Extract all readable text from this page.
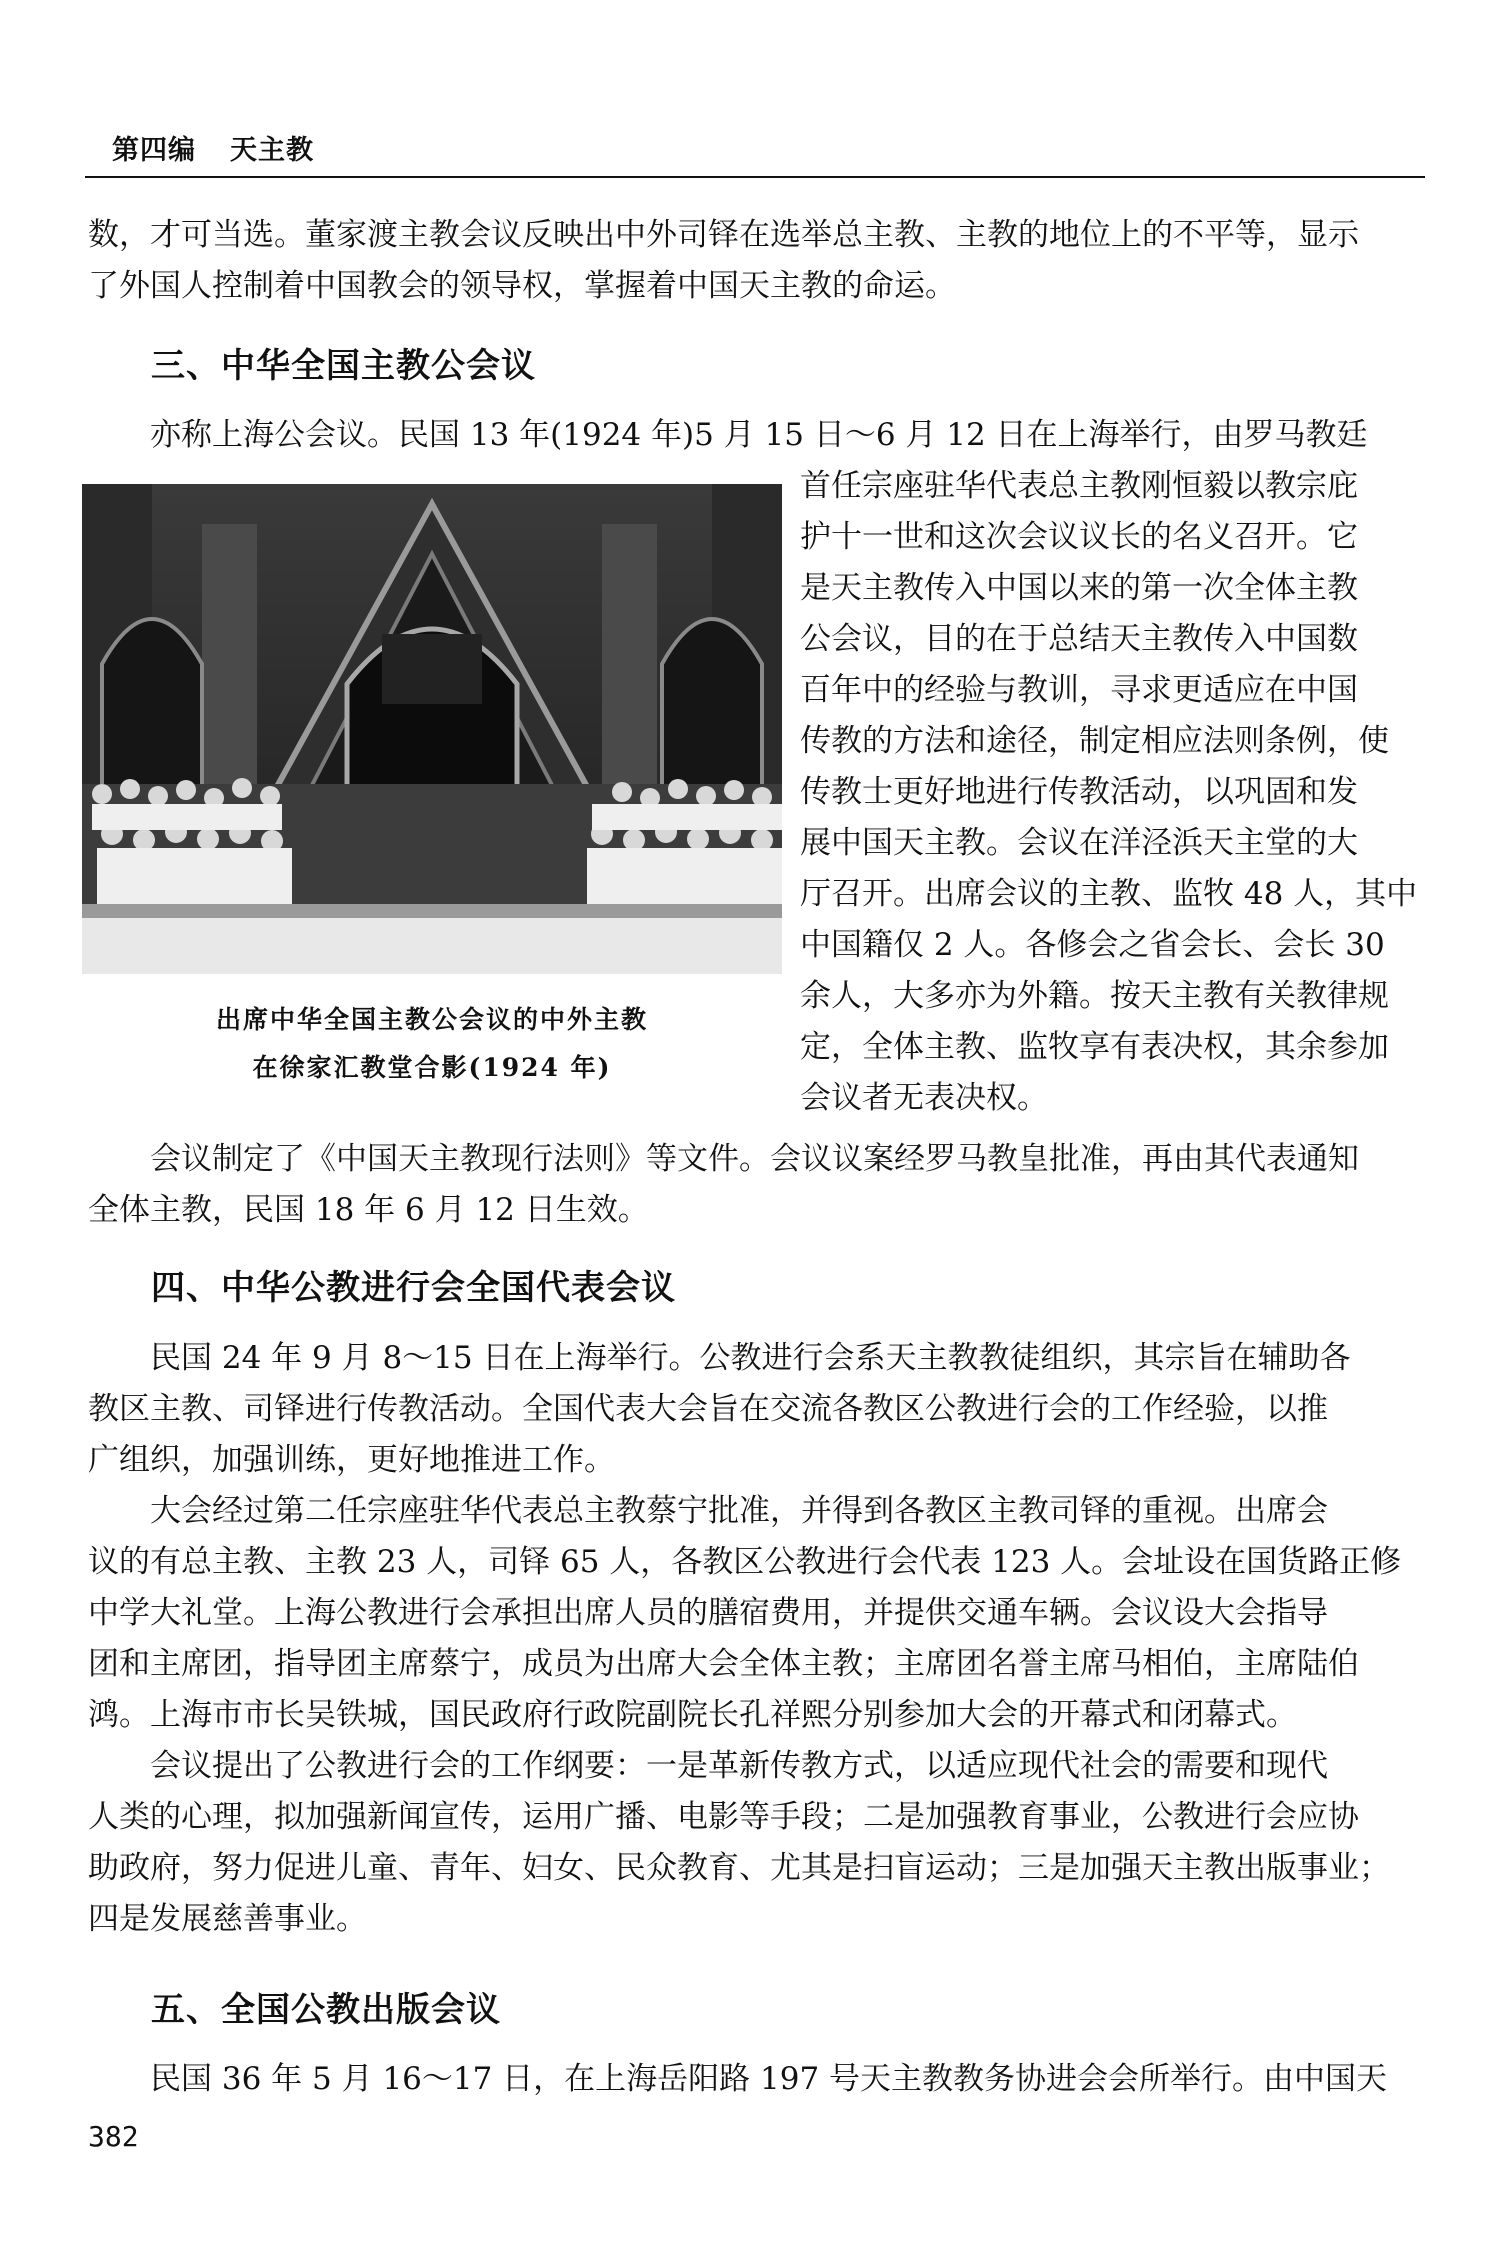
第四编 天主教
数，才可当选。董家渡主教会议反映出中外司铎在选举总主教、主教的地位上的不平等，显示
了外国人控制着中国教会的领导权，掌握着中国天主教的命运。
三、中华全国主教公会议
亦称上海公会议。民国 13 年(1924 年)5 月 15 日～6 月 12 日在上海举行，由罗马教廷
出席中华全国主教公会议的中外主教
在徐家汇教堂合影(1924 年)
首任宗座驻华代表总主教刚恒毅以教宗庇
护十一世和这次会议议长的名义召开。它
是天主教传入中国以来的第一次全体主教
公会议，目的在于总结天主教传入中国数
百年中的经验与教训，寻求更适应在中国
传教的方法和途径，制定相应法则条例，使
传教士更好地进行传教活动，以巩固和发
展中国天主教。会议在洋泾浜天主堂的大
厅召开。出席会议的主教、监牧 48 人，其中
中国籍仅 2 人。各修会之省会长、会长 30
余人，大多亦为外籍。按天主教有关教律规
定，全体主教、监牧享有表决权，其余参加
会议者无表决权。
会议制定了《中国天主教现行法则》等文件。会议议案经罗马教皇批准，再由其代表通知
全体主教，民国 18 年 6 月 12 日生效。
四、中华公教进行会全国代表会议
民国 24 年 9 月 8～15 日在上海举行。公教进行会系天主教教徒组织，其宗旨在辅助各
教区主教、司铎进行传教活动。全国代表大会旨在交流各教区公教进行会的工作经验，以推
广组织，加强训练，更好地推进工作。
大会经过第二任宗座驻华代表总主教蔡宁批准，并得到各教区主教司铎的重视。出席会
议的有总主教、主教 23 人，司铎 65 人，各教区公教进行会代表 123 人。会址设在国货路正修
中学大礼堂。上海公教进行会承担出席人员的膳宿费用，并提供交通车辆。会议设大会指导
团和主席团，指导团主席蔡宁，成员为出席大会全体主教；主席团名誉主席马相伯，主席陆伯
鸿。上海市市长吴铁城，国民政府行政院副院长孔祥熙分别参加大会的开幕式和闭幕式。
会议提出了公教进行会的工作纲要：一是革新传教方式，以适应现代社会的需要和现代
人类的心理，拟加强新闻宣传，运用广播、电影等手段；二是加强教育事业，公教进行会应协
助政府，努力促进儿童、青年、妇女、民众教育、尤其是扫盲运动；三是加强天主教出版事业；
四是发展慈善事业。
五、全国公教出版会议
民国 36 年 5 月 16～17 日，在上海岳阳路 197 号天主教教务协进会会所举行。由中国天
382
